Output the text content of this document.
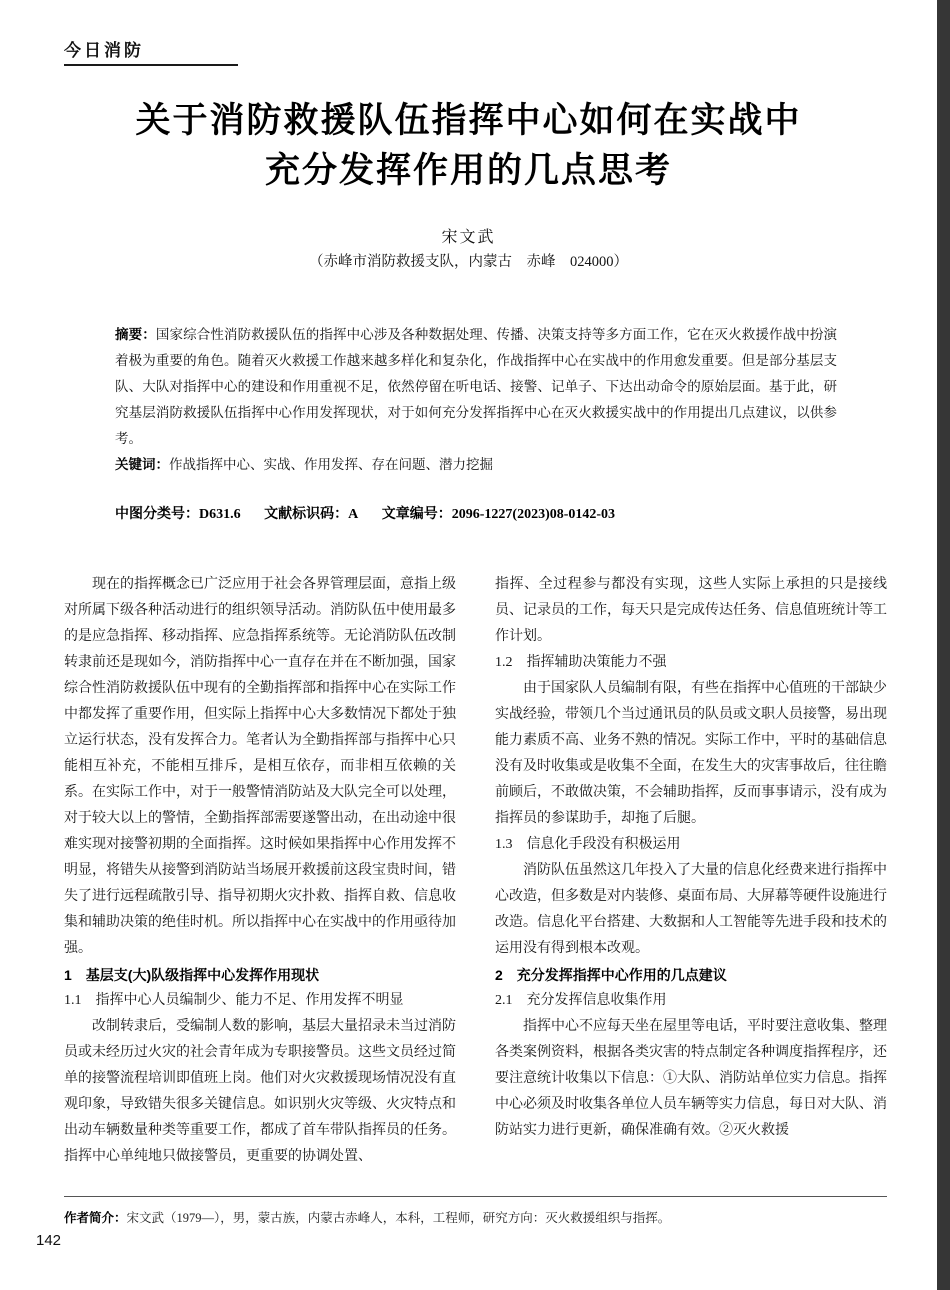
今日消防
关于消防救援队伍指挥中心如何在实战中
充分发挥作用的几点思考
宋文武
（赤峰市消防救援支队，内蒙古　赤峰　024000）

摘要：国家综合性消防救援队伍的指挥中心涉及各种数据处理、传播、决策支持等多方面工作，它在灭火救援作战中扮演着极为重要的角色。随着灭火救援工作越来越多样化和复杂化，作战指挥中心在实战中的作用愈发重要。但是部分基层支队、大队对指挥中心的建设和作用重视不足，依然停留在听电话、接警、记单子、下达出动命令的原始层面。基于此，研究基层消防救援队伍指挥中心作用发挥现状，对于如何充分发挥指挥中心在灭火救援实战中的作用提出几点建议，以供参考。

关键词：作战指挥中心、实战、作用发挥、存在问题、潜力挖掘

中图分类号：D631.6 文献标识码：A 文章编号：2096-1227(2023)08-0142-03
现在的指挥概念已广泛应用于社会各界管理层面，意指上级对所属下级各种活动进行的组织领导活动。消防队伍中使用最多的是应急指挥、移动指挥、应急指挥系统等。无论消防队伍改制转隶前还是现如今，消防指挥中心一直存在并在不断加强，国家综合性消防救援队伍中现有的全勤指挥部和指挥中心在实际工作中都发挥了重要作用，但实际上指挥中心大多数情况下都处于独立运行状态，没有发挥合力。笔者认为全勤指挥部与指挥中心只能相互补充，不能相互排斥，是相互依存，而非相互依赖的关系。在实际工作中，对于一般警情消防站及大队完全可以处理，对于较大以上的警情，全勤指挥部需要遂警出动，在出动途中很难实现对接警初期的全面指挥。这时候如果指挥中心作用发挥不明显，将错失从接警到消防站当场展开救援前这段宝贵时间，错失了进行远程疏散引导、指导初期火灾扑救、指挥自救、信息收集和辅助决策的绝佳时机。所以指挥中心在实战中的作用亟待加强。
1　基层支(大)队级指挥中心发挥作用现状
1.1　指挥中心人员编制少、能力不足、作用发挥不明显
改制转隶后，受编制人数的影响，基层大量招录未当过消防员或未经历过火灾的社会青年成为专职接警员。这些文员经过简单的接警流程培训即值班上岗。他们对火灾救援现场情况没有直观印象，导致错失很多关键信息。如识别火灾等级、火灾特点和出动车辆数量种类等重要工作，都成了首车带队指挥员的任务。指挥中心单纯地只做接警员，更重要的协调处置、
指挥、全过程参与都没有实现，这些人实际上承担的只是接线员、记录员的工作，每天只是完成传达任务、信息值班统计等工作计划。
1.2　指挥辅助决策能力不强
由于国家队人员编制有限，有些在指挥中心值班的干部缺少实战经验，带领几个当过通讯员的队员或文职人员接警，易出现能力素质不高、业务不熟的情况。实际工作中，平时的基础信息没有及时收集或是收集不全面，在发生大的灾害事故后，往往瞻前顾后，不敢做决策，不会辅助指挥，反而事事请示，没有成为指挥员的参谋助手，却拖了后腿。
1.3　信息化手段没有积极运用
消防队伍虽然这几年投入了大量的信息化经费来进行指挥中心改造，但多数是对内装修、桌面布局、大屏幕等硬件设施进行改造。信息化平台搭建、大数据和人工智能等先进手段和技术的运用没有得到根本改观。
2　充分发挥指挥中心作用的几点建议
2.1　充分发挥信息收集作用
指挥中心不应每天坐在屋里等电话，平时要注意收集、整理各类案例资料，根据各类灾害的特点制定各种调度指挥程序，还要注意统计收集以下信息：①大队、消防站单位实力信息。指挥中心必须及时收集各单位人员车辆等实力信息，每日对大队、消防站实力进行更新，确保准确有效。②灭火救援
作者简介：宋文武（1979—），男，蒙古族，内蒙古赤峰人，本科，工程师，研究方向：灭火救援组织与指挥。
142
